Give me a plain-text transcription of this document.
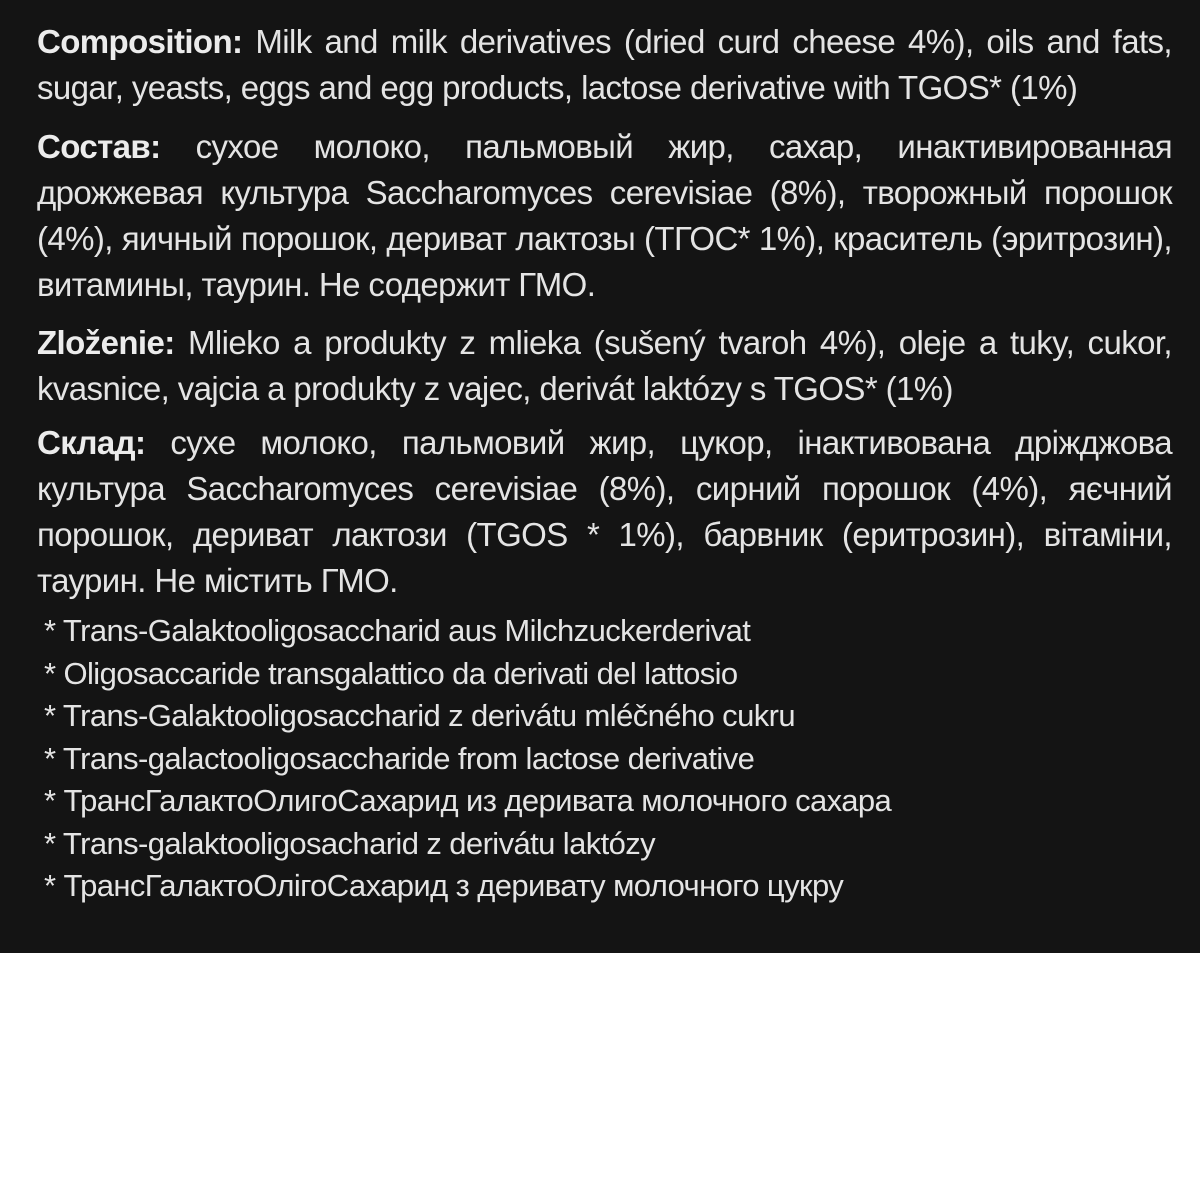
Composition: Milk and milk derivatives (dried curd cheese 4%), oils and fats, sugar, yeasts, eggs and egg products, lactose derivative with TGOS* (1%)

Состав: сухое молоко, пальмовый жир, сахар, инактивированная дрожжевая культура Saccharomyces cerevisiae (8%), творожный порошок (4%), яичный порошок, дериват лактозы (ТГОС* 1%), краситель (эритрозин), витамины, таурин. Не содержит ГМО.

Zloženie: Mlieko a produkty z mlieka (sušený tvaroh 4%), oleje a tuky, cukor, kvasnice, vajcia a produkty z vajec, derivát laktózy s TGOS* (1%)

Склад: сухе молоко, пальмовий жир, цукор, інактивована дріжджова культура Saccharomyces cerevisiae (8%), сирний порошок (4%), яєчний порошок, дериват лактози (TGOS * 1%), барвник (еритрозин), вітаміни, таурин. Не містить ГМО.

* Trans-Galaktooligosaccharid aus Milchzuckerderivat
* Oligosaccaride transgalattico da derivati del lattosio
* Trans-Galaktooligosaccharid z derivátu mléčného cukru
* Trans-galactooligosaccharide from lactose derivative
* ТрансГалактоОлигоСахарид из деривата молочного сахара
* Trans-galaktooligosacharid z derivátu laktózy
* ТрансГалактоОлігоСахарид з деривату молочного цукру
